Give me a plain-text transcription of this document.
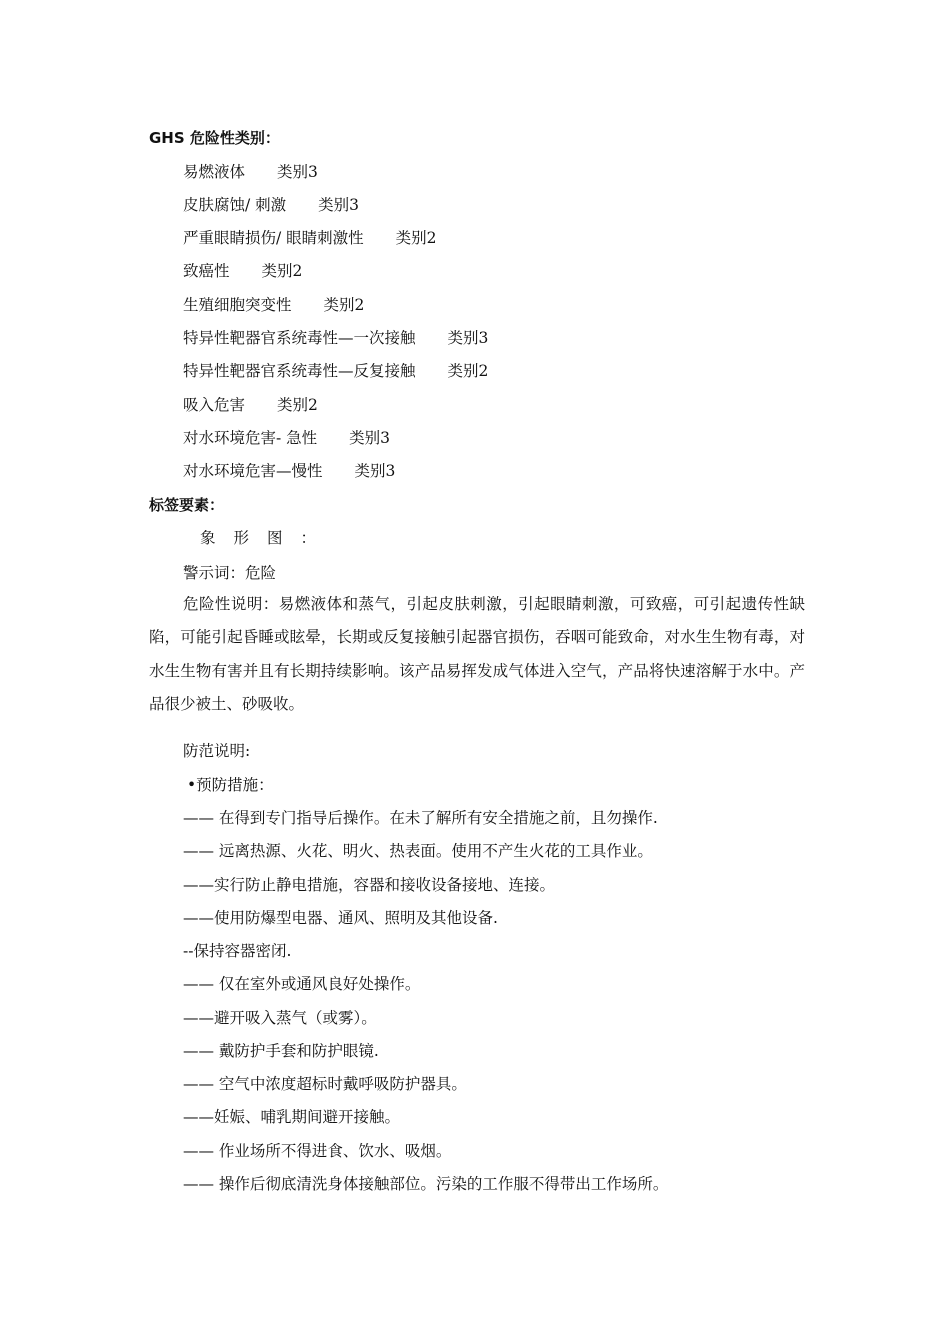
GHS 危险性类别：
易燃液体 类别3
皮肤腐蚀/ 刺激 类别3
严重眼睛损伤/ 眼睛刺激性 类别2
致癌性 类别2
生殖细胞突变性 类别2
特异性靶器官系统毒性—一次接触 类别3
特异性靶器官系统毒性—反复接触 类别2
吸入危害 类别2
对水环境危害- 急性 类别3
对水环境危害—慢性 类别3
标签要素：
象形图：
警示词：危险

危险性说明：易燃液体和蒸气，引起皮肤刺激，引起眼睛刺激，可致癌，可引起遗传性缺陷，可能引起昏睡或眩晕，长期或反复接触引起器官损伤，吞咽可能致命，对水生生物有毒，对水生生物有害并且有长期持续影响。该产品易挥发成气体进入空气，产品将快速溶解于水中。产品很少被土、砂吸收。

防范说明:
•预防措施：
—— 在得到专门指导后操作。在未了解所有安全措施之前，且勿操作.
—— 远离热源、火花、明火、热表面。使用不产生火花的工具作业。
——实行防止静电措施，容器和接收设备接地、连接。
——使用防爆型电器、通风、照明及其他设备.
--保持容器密闭.
—— 仅在室外或通风良好处操作。
——避开吸入蒸气（或雾）。
—— 戴防护手套和防护眼镜.
—— 空气中浓度超标时戴呼吸防护器具。
——妊娠、哺乳期间避开接触。
—— 作业场所不得进食、饮水、吸烟。
—— 操作后彻底清洗身体接触部位。污染的工作服不得带出工作场所。
